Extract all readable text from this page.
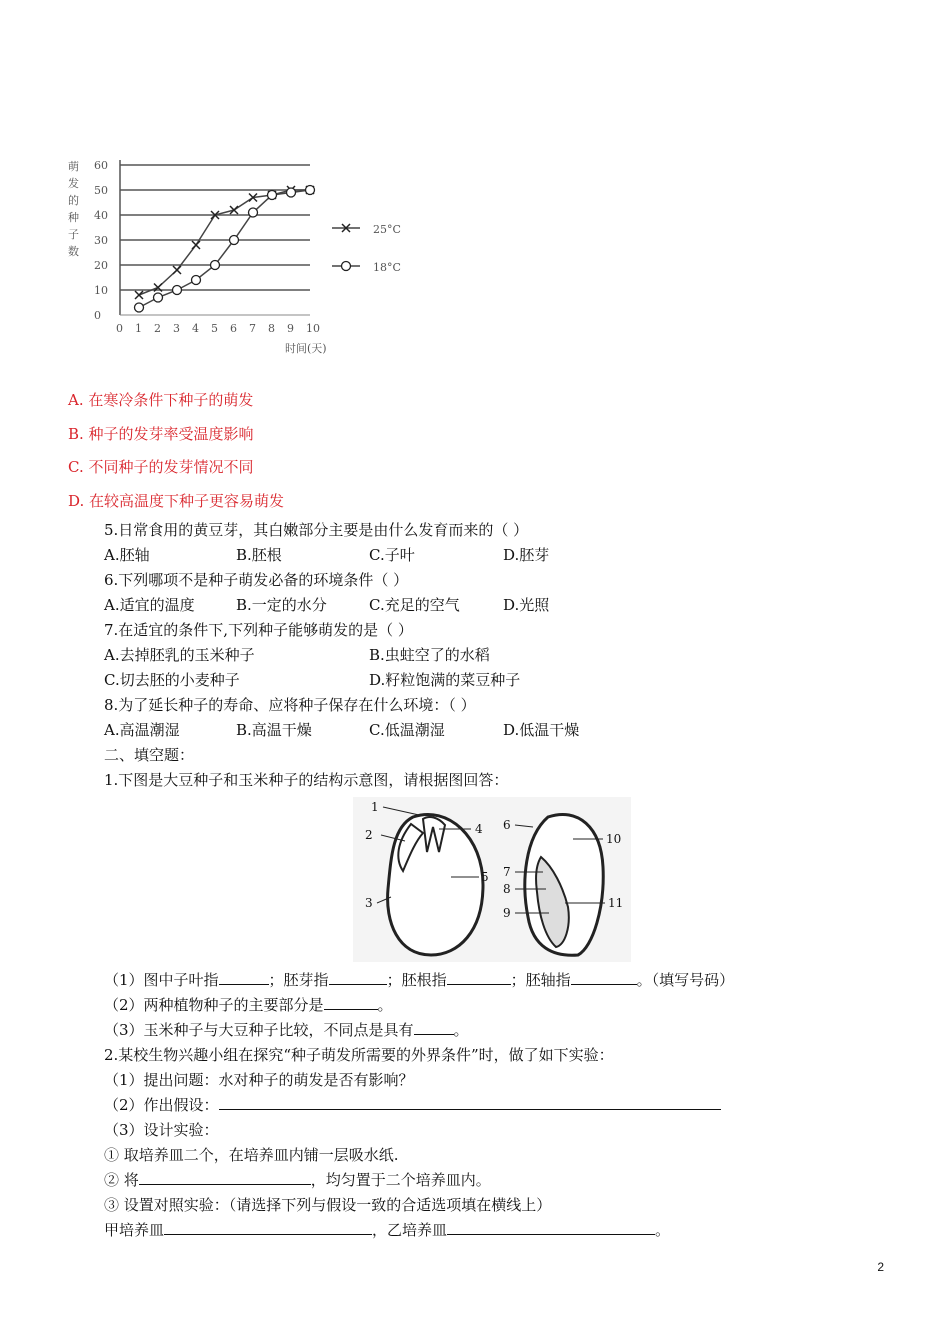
萌
发
的
种
子
数
0
10
20
30
40
50
60
0 1 2 3 4 5 6 7 8 9 10
25°C
18°C
时间(天)
A. 在寒冷条件下种子的萌发
B. 种子的发芽率受温度影响
C. 不同种子的发芽情况不同
D. 在较高温度下种子更容易萌发
5.日常食用的黄豆芽，其白嫩部分主要是由什么发育而来的（ ）
A.胚轴	B.胚根	C.子叶	D.胚芽
6.下列哪项不是种子萌发必备的环境条件（ ）
A.适宜的温度	B.一定的水分	C.充足的空气	D.光照
7.在适宜的条件下,下列种子能够萌发的是（ ）
A.去掉胚乳的玉米种子	B.虫蛀空了的水稻
C.切去胚的小麦种子	D.籽粒饱满的菜豆种子
8.为了延长种子的寿命、应将种子保存在什么环境：（ ）
A.高温潮湿	B.高温干燥	C.低温潮湿	D.低温干燥
二、填空题：
1.下图是大豆种子和玉米种子的结构示意图，请根据图回答：
1
2
3
4
5
6
7
8
9
10
11
（1）图中子叶指	；胚芽指	；胚根指	；胚轴指	。（填写号码）
（2）两种植物种子的主要部分是	。
（3）玉米种子与大豆种子比较，不同点是具有	。
2.某校生物兴趣小组在探究“种子萌发所需要的外界条件”时，做了如下实验：
（1）提出问题：水对种子的萌发是否有影响？
（2）作出假设：
（3）设计实验：
① 取培养皿二个，在培养皿内铺一层吸水纸.
② 将	，均匀置于二个培养皿内。
③ 设置对照实验：（请选择下列与假设一致的合适选项填在横线上）
甲培养皿	，乙培养皿	。
2
